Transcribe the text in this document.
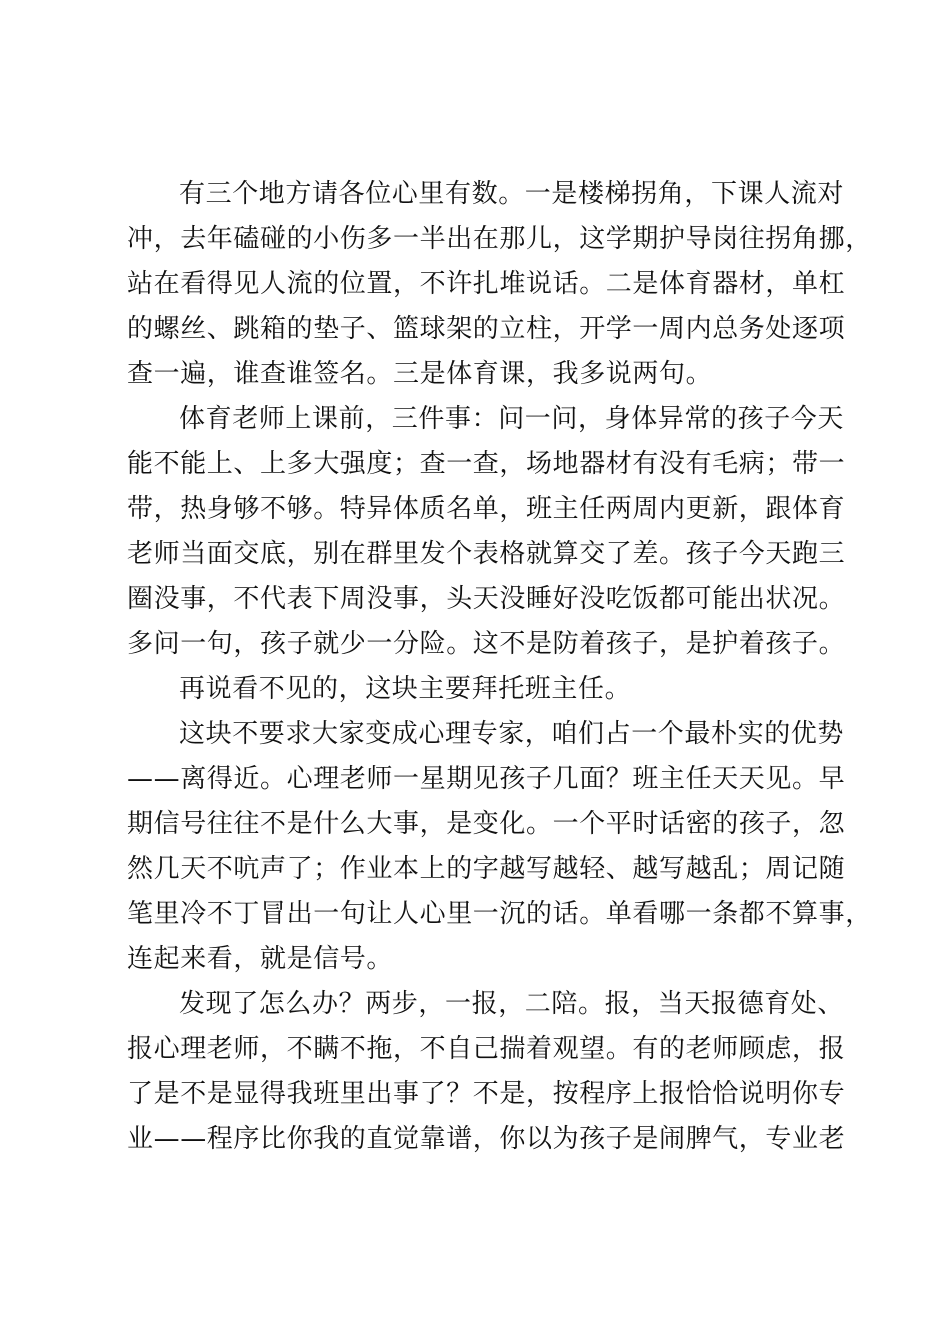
有三个地方请各位心里有数。一是楼梯拐角，下课人流对
冲，去年磕碰的小伤多一半出在那儿，这学期护导岗往拐角挪，
站在看得见人流的位置，不许扎堆说话。二是体育器材，单杠
的螺丝、跳箱的垫子、篮球架的立柱，开学一周内总务处逐项
查一遍，谁查谁签名。三是体育课，我多说两句。
体育老师上课前，三件事：问一问，身体异常的孩子今天
能不能上、上多大强度；查一查，场地器材有没有毛病；带一
带，热身够不够。特异体质名单，班主任两周内更新，跟体育
老师当面交底，别在群里发个表格就算交了差。孩子今天跑三
圈没事，不代表下周没事，头天没睡好没吃饭都可能出状况。
多问一句，孩子就少一分险。这不是防着孩子，是护着孩子。
再说看不见的，这块主要拜托班主任。
这块不要求大家变成心理专家，咱们占一个最朴实的优势
——离得近。心理老师一星期见孩子几面？班主任天天见。早
期信号往往不是什么大事，是变化。一个平时话密的孩子，忽
然几天不吭声了；作业本上的字越写越轻、越写越乱；周记随
笔里冷不丁冒出一句让人心里一沉的话。单看哪一条都不算事，
连起来看，就是信号。
发现了怎么办？两步，一报，二陪。报，当天报德育处、
报心理老师，不瞒不拖，不自己揣着观望。有的老师顾虑，报
了是不是显得我班里出事了？不是，按程序上报恰恰说明你专
业——程序比你我的直觉靠谱，你以为孩子是闹脾气，专业老
